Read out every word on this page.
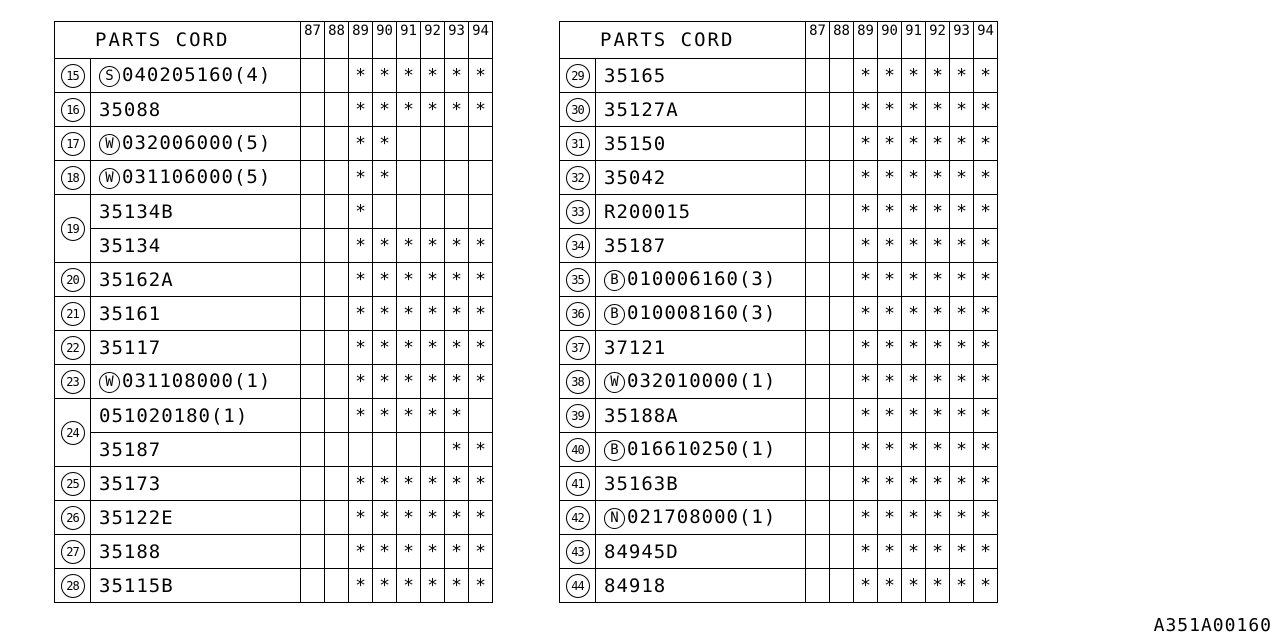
PARTS CORD		87	88	89	90	91	92	93	94

15	S 040205160(4)			*	*	*	*	*	*
16	35088			*	*	*	*	*	*
17	W 032006000(5)			*	*				
18	W 031106000(5)			*	*				
19	35134B			*					
	35134			*	*	*	*	*	*
20	35162A			*	*	*	*	*	*
21	35161			*	*	*	*	*	*
22	35117			*	*	*	*	*	*
23	W 031108000(1)			*	*	*	*	*	*
24	051020180(1)			*	*	*	*	*	
	35187							*	*
25	35173			*	*	*	*	*	*
26	35122E			*	*	*	*	*	*
27	35188			*	*	*	*	*	*
28	35115B			*	*	*	*	*	*
PARTS CORD		87	88	89	90	91	92	93	94

29	35165			*	*	*	*	*	*
30	35127A			*	*	*	*	*	*
31	35150			*	*	*	*	*	*
32	35042			*	*	*	*	*	*
33	R200015			*	*	*	*	*	*
34	35187			*	*	*	*	*	*
35	B 010006160(3)			*	*	*	*	*	*
36	B 010008160(3)			*	*	*	*	*	*
37	37121			*	*	*	*	*	*
38	W 032010000(1)			*	*	*	*	*	*
39	35188A			*	*	*	*	*	*
40	B 016610250(1)			*	*	*	*	*	*
41	35163B			*	*	*	*	*	*
42	N 021708000(1)			*	*	*	*	*	*
43	84945D			*	*	*	*	*	*
44	84918			*	*	*	*	*	*
A351A00160
